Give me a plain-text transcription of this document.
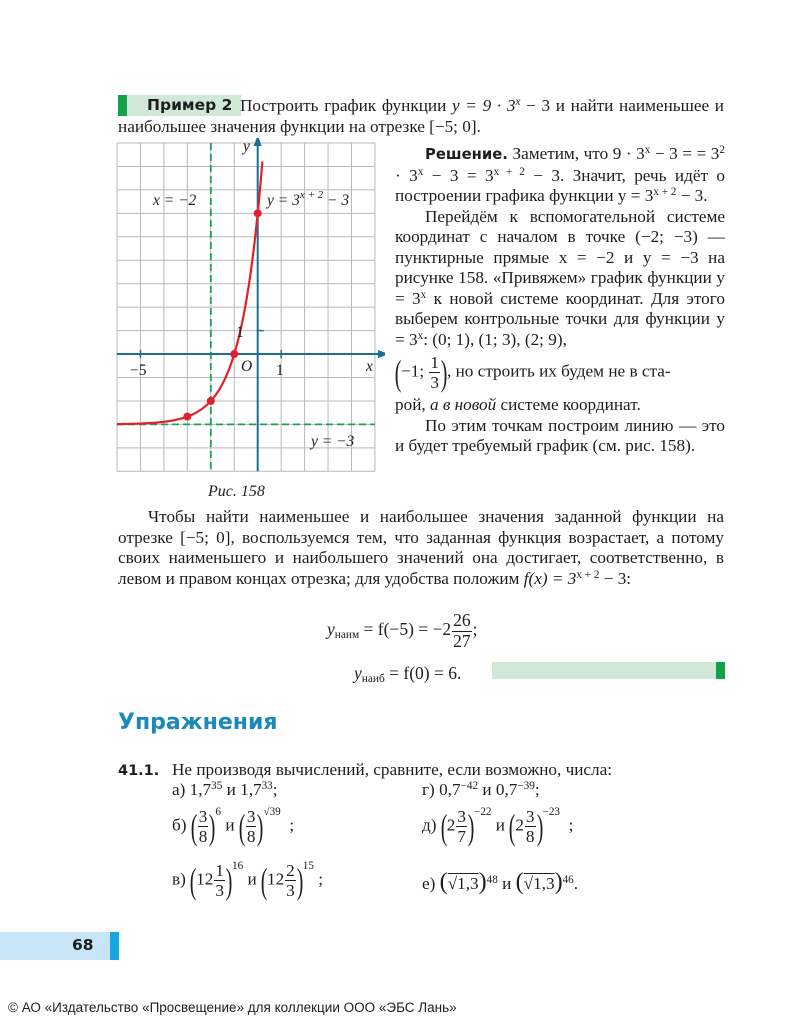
Пример 2 Построить график функции $y = 9 \cdot 3^x - 3$ и найти наименьшее и наибольшее значения функции на отрезке [−5; 0].
x = −2	$y = 3^{x + 2} - 3$
y = −3
x
y
O 1
−5
1
Рис. 158

Решение. Заметим, что $9 \cdot 3^x - 3$ = = $3^2 \cdot 3^x - 3 = 3^{x + 2} - 3$. Значит, речь идёт о построении графика функции $y = 3^{x + 2} - 3$.

Перейдём к вспомогательной системе координат с началом в точке (−2; −3) — пунктирные прямые x = −2 и y = −3 на рисунке 158. «Привяжем» график функции $y = 3^x$ к новой системе координат. Для этого выберем контрольные точки для функции $y = 3^x$: (0; 1), (1; 3), (2; 9),

(−1; $\frac{1}{3}$ ), но строить их будем не в ста-

рой, а в новой системе координат.

По этим точкам построим линию — это и будет требуемый график (см. рис. 158).

Чтобы найти наименьшее и наибольшее значения заданной функции на отрезке [−5; 0], воспользуемся тем, что заданная функция возрастает, а потому своих наименьшего и наибольшего значений она достигает, соответственно, в левом и правом концах отрезка; для удобства положим $f(x) = 3^{x + 2} - 3$:

$y_{наим} = f(-5) = -2 \frac{26}{27}$ ;
$y_{наиб} = f(0) = 6$.
Упражнения
41.1. Не производя вычислений, сравните, если возможно, числа:
а) $1,7^{35}$ и $1,7^{33}$;	г) $0,7^{-42}$ и $0,7^{-39}$;
б) ( $\frac{3}{8} )^6$ и ( $\frac{3}{8} )^{√39}$  ;	д) $(2 \frac{3}{7} )^{-22}$ и $(2 \frac{3}{8} )^{-23}$  ;
в) $(12 \frac{1}{3} )^{16}$ и $(12 \frac{2}{3} )^{15}$ ;	е) $(√1,3)^{48}$ и $(√1,3)^{46}$.
68
© АО «Издательство «Просвещение» для коллекции ООО «ЭБС Лань»
